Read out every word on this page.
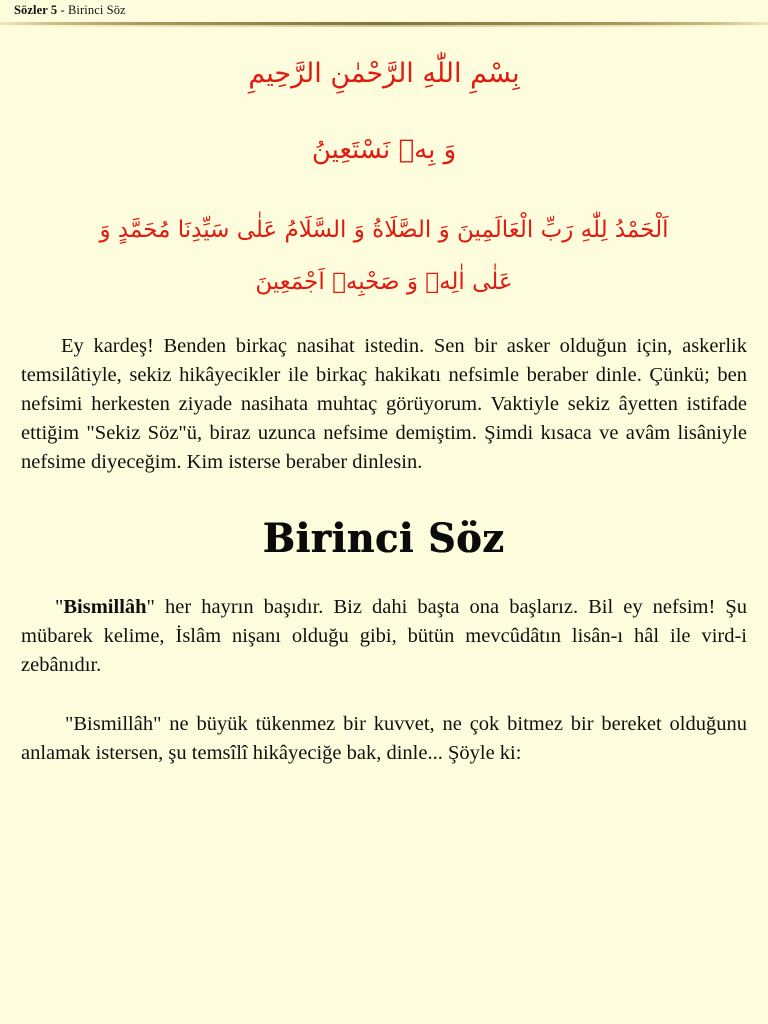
Sözler 5 - Birinci Söz
بِسْمِ اللّٰهِ الرَّحْمٰنِ الرَّحِيمِ
وَ بِهٖ نَسْتَعِينُ
اَلْحَمْدُ لِلّٰهِ رَبِّ الْعَالَمِينَ وَ الصَّلَاةُ وَ السَّلَامُ عَلٰى سَيِّدِنَا مُحَمَّدٍ وَ
عَلٰى اٰلِهٖ وَ صَحْبِهٖ اَجْمَعِينَ

Ey kardeş! Benden birkaç nasihat istedin. Sen bir asker olduğun için, askerlik temsilâtiyle, sekiz hikâyecikler ile birkaç hakikatı nefsimle beraber dinle. Çünkü; ben nefsimi herkesten ziyade nasihata muhtaç görüyorum. Vaktiyle sekiz âyetten istifade ettiğim "Sekiz Söz"ü, biraz uzunca nefsime demiştim. Şimdi kısaca ve avâm lisâniyle nefsime diyeceğim. Kim isterse beraber dinlesin.

Birinci Söz

"Bismillâh" her hayrın başıdır. Biz dahi başta ona başlarız. Bil ey nefsim! Şu mübarek kelime, İslâm nişanı olduğu gibi, bütün mevcûdâtın lisân-ı hâl ile vird-i zebânıdır.

"Bismillâh" ne büyük tükenmez bir kuvvet, ne çok bitmez bir bereket olduğunu anlamak istersen, şu temsîlî hikâyeciğe bak, dinle... Şöyle ki:
